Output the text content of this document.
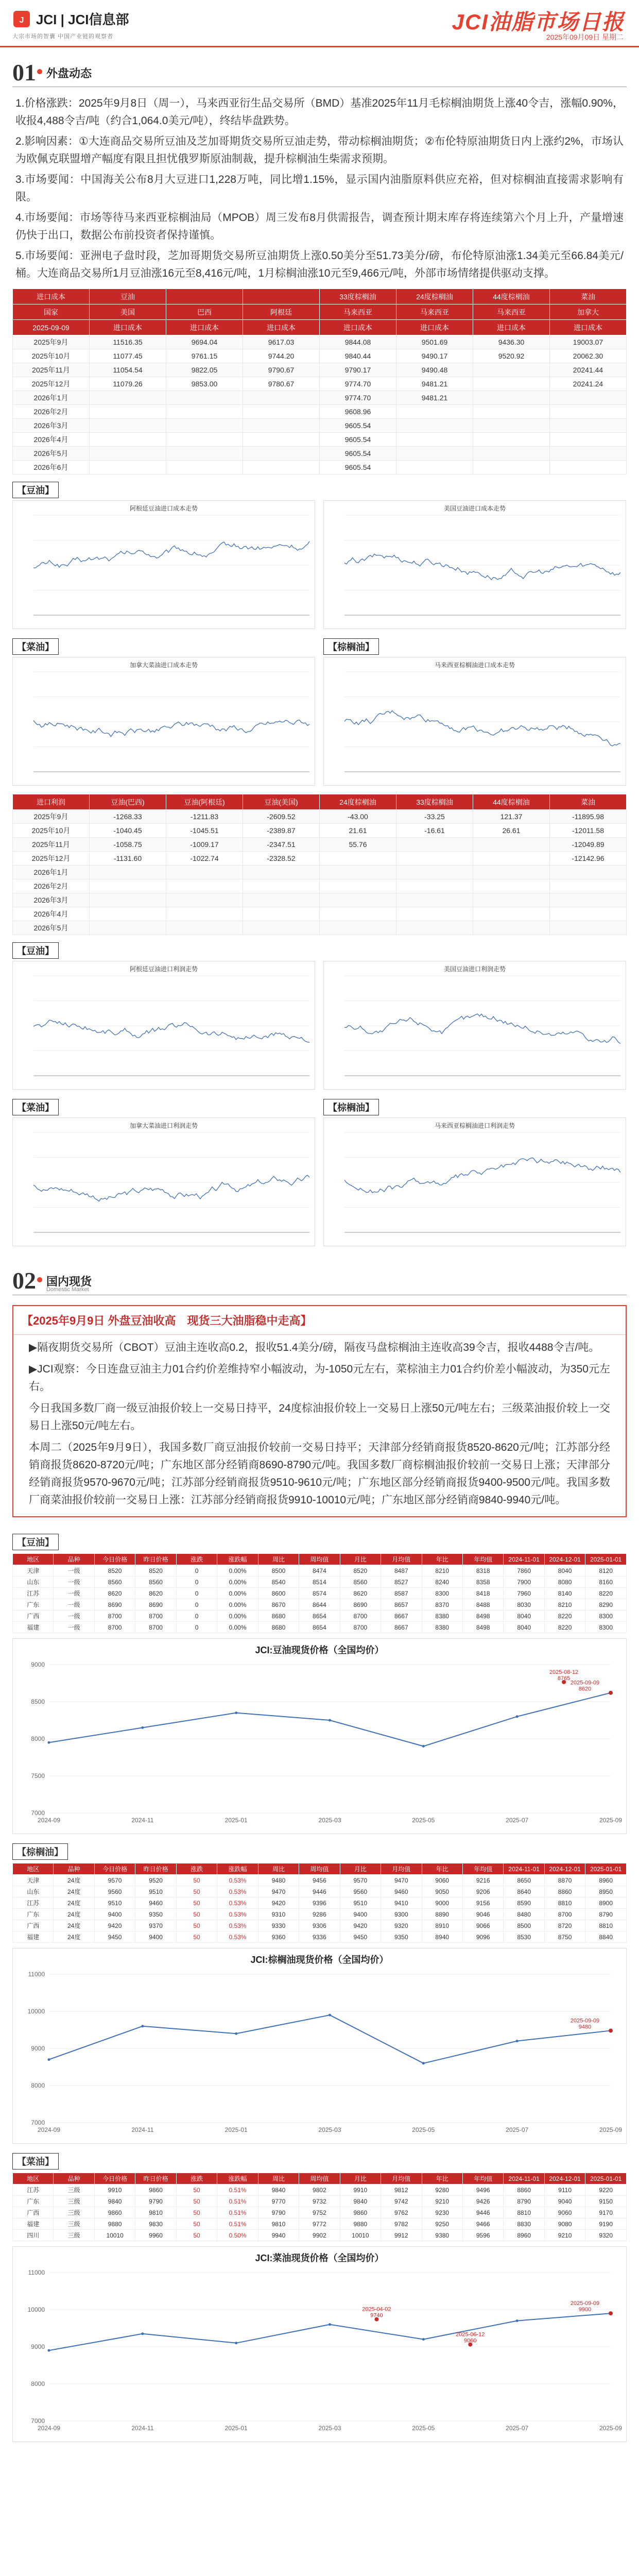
J JCI | JCI信息部
大宗市场的智囊 中国产业链的观察者
JCI油脂市场日报
2025年09月09日 星期二
01 外盘动态

1.价格涨跌：2025年9月8日（周一），马来西亚衍生品交易所（BMD）基准2025年11月毛棕榈油期货上涨40令吉，涨幅0.90%，收报4,488令吉/吨（约合1,064.0美元/吨），终结毕盘跌势。

2.影响因素：①大连商品交易所豆油及芝加哥期货交易所豆油走势，带动棕榈油期货；②布伦特原油期货日内上涨约2%，市场认为欧佩克联盟增产幅度有限且担忧俄罗斯原油制裁，提升棕榈油生柴需求预期。

3.市场要闻：中国海关公布8月大豆进口1,228万吨，同比增1.15%，显示国内油脂原料供应充裕，但对棕榈油直接需求影响有限。

4.市场要闻：市场等待马来西亚棕榈油局（MPOB）周三发布8月供需报告，调查预计期末库存将连续第六个月上升，产量增速仍快于出口，数据公布前投资者保持谨慎。

5.市场要闻：亚洲电子盘时段，芝加哥期货交易所豆油期货上涨0.50美分至51.73美分/磅，布伦特原油涨1.34美元至66.84美元/桶。大连商品交易所1月豆油涨16元至8,416元/吨，1月棕榈油涨10元至9,466元/吨，外部市场情绪提供驱动支撑。

进口成本	豆油			33度棕榈油	24度棕榈油	44度棕榈油	菜油
国家	美国	巴西	阿根廷	马来西亚	马来西亚	马来西亚	加拿大
2025-09-09	进口成本	进口成本	进口成本	进口成本	进口成本	进口成本	进口成本
2025年9月	11516.35	9694.04	9617.03	9844.08	9501.69	9436.30	19003.07
2025年10月	11077.45	9761.15	9744.20	9840.44	9490.17	9520.92	20062.30
2025年11月	11054.54	9822.05	9790.67	9790.17	9490.48		20241.44
2025年12月	11079.26	9853.00	9780.67	9774.70	9481.21		20241.24
2026年1月				9774.70	9481.21		
2026年2月				9608.96			
2026年3月				9605.54			
2026年4月				9605.54			
2026年5月				9605.54			
2026年6月				9605.54			
【豆油】
阿根廷豆油进口成本走势	美国豆油进口成本走势
【菜油】	【棕榈油】
加拿大菜油进口成本走势	马来西亚棕榈油进口成本走势
进口利润	豆油(巴西)	豆油(阿根廷)	豆油(美国)	24度棕榈油	33度棕榈油	44度棕榈油	菜油
2025年9月	-1268.33	-1211.83	-2609.52	-43.00	-33.25	121.37	-11895.98
2025年10月	-1040.45	-1045.51	-2389.87	21.61	-16.61	26.61	-12011.58
2025年11月	-1058.75	-1009.17	-2347.51	55.76			-12049.89
2025年12月	-1131.60	-1022.74	-2328.52				-12142.96
2026年1月							
2026年2月							
2026年3月							
2026年4月							
2026年5月							
【豆油】
阿根廷豆油进口利润走势	美国豆油进口利润走势
【菜油】	【棕榈油】
加拿大菜油进口利润走势	马来西亚棕榈油进口利润走势
02 国内现货
Domestic Market
【2025年9月9日 外盘豆油收高　现货三大油脂稳中走高】

▶隔夜期货交易所（CBOT）豆油主连收高0.2，报收51.4美分/磅，隔夜马盘棕榈油主连收高39令吉，报收4488令吉/吨。

▶JCI观察：今日连盘豆油主力01合约价差维持窄小幅波动，为-1050元左右，菜棕油主力01合约价差小幅波动，为350元左右。

今日我国多数厂商一级豆油报价较上一交易日持平，24度棕油报价较上一交易日上涨50元/吨左右；三级菜油报价较上一交易日上涨50元/吨左右。

本周二（2025年9月9日），我国多数厂商豆油报价较前一交易日持平；天津部分经销商报货8520-8620元/吨；江苏部分经销商报货8620-8720元/吨；广东地区部分经销商8690-8790元/吨。我国多数厂商棕榈油报价较前一交易日上涨；天津部分经销商报货9570-9670元/吨；江苏部分经销商报货9510-9610元/吨；广东地区部分经销商报货9400-9500元/吨。我国多数厂商菜油报价较前一交易日上涨：江苏部分经销商报货9910-10010元/吨；广东地区部分经销商9840-9940元/吨。

【豆油】
地区	品种	今日价格	昨日价格	涨跌	涨跌幅	周比	周均值	月比	月均值	年比	年均值	2024-11-01	2024-12-01	2025-01-01
天津	一级	8520	8520	0	0.00%	8500	8474	8520	8487	8210	8318	7860	8040	8120
山东	一级	8560	8560	0	0.00%	8540	8514	8560	8527	8240	8358	7900	8080	8160
江苏	一级	8620	8620	0	0.00%	8600	8574	8620	8587	8300	8418	7960	8140	8220
广东	一级	8690	8690	0	0.00%	8670	8644	8690	8657	8370	8488	8030	8210	8290
广西	一级	8700	8700	0	0.00%	8680	8654	8700	8667	8380	8498	8040	8220	8300
福建	一级	8700	8700	0	0.00%	8680	8654	8700	8667	8380	8498	8040	8220	8300
JCI:豆油现货价格（全国均价）
7000
7500
8000
8500
9000
2024-09	2024-11	2025-01	2025-03	2025-05	2025-07	2025-09
2025-08-12
8765
2025-09-09
8620
【棕榈油】
地区	品种	今日价格	昨日价格	涨跌	涨跌幅	周比	周均值	月比	月均值	年比	年均值	2024-11-01	2024-12-01	2025-01-01
天津	24度	9570	9520	50	0.53%	9480	9456	9570	9470	9060	9216	8650	8870	8960
山东	24度	9560	9510	50	0.53%	9470	9446	9560	9460	9050	9206	8640	8860	8950
江苏	24度	9510	9460	50	0.53%	9420	9396	9510	9410	9000	9156	8590	8810	8900
广东	24度	9400	9350	50	0.53%	9310	9286	9400	9300	8890	9046	8480	8700	8790
广西	24度	9420	9370	50	0.53%	9330	9306	9420	9320	8910	9066	8500	8720	8810
福建	24度	9450	9400	50	0.53%	9360	9336	9450	9350	8940	9096	8530	8750	8840
JCI:棕榈油现货价格（全国均价）
7000
8000
9000
10000
11000
2024-09	2024-11	2025-01	2025-03	2025-05	2025-07	2025-09
2025-09-09
9480
【菜油】
地区	品种	今日价格	昨日价格	涨跌	涨跌幅	周比	周均值	月比	月均值	年比	年均值	2024-11-01	2024-12-01	2025-01-01
江苏	三级	9910	9860	50	0.51%	9840	9802	9910	9812	9280	9496	8860	9110	9220
广东	三级	9840	9790	50	0.51%	9770	9732	9840	9742	9210	9426	8790	9040	9150
广西	三级	9860	9810	50	0.51%	9790	9752	9860	9762	9230	9446	8810	9060	9170
福建	三级	9880	9830	50	0.51%	9810	9772	9880	9782	9250	9466	8830	9080	9190
四川	三级	10010	9960	50	0.50%	9940	9902	10010	9912	9380	9596	8960	9210	9320
JCI:菜油现货价格（全国均价）
7000
8000
9000
10000
11000
2024-09	2024-11	2025-01	2025-03	2025-05	2025-07	2025-09
2025-04-02
9740
2025-06-12
9060
2025-09-09
9900
